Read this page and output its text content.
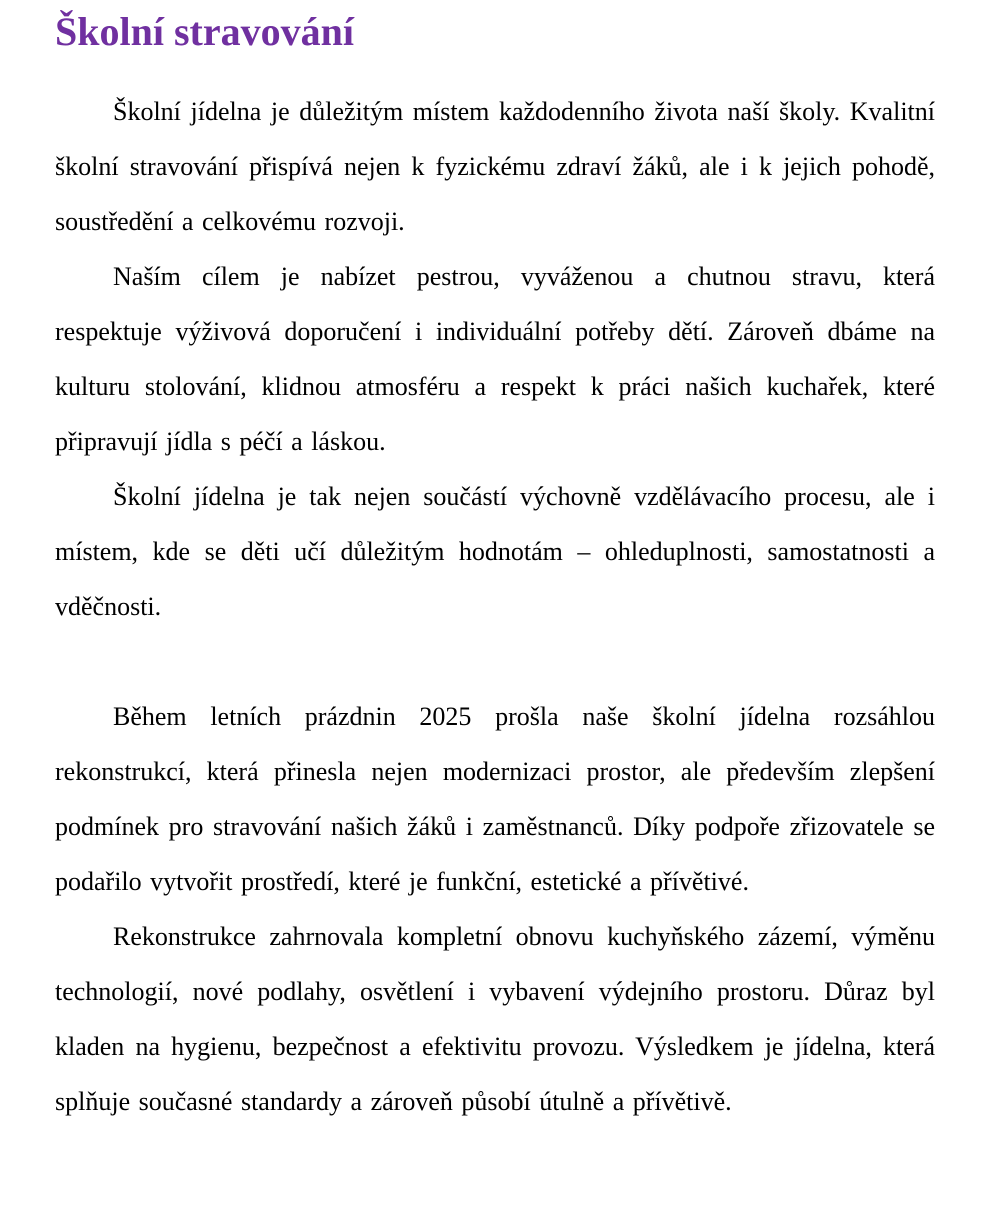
Školní stravování

Školní jídelna je důležitým místem každodenního života naší školy. Kvalitní školní stravování přispívá nejen k fyzickému zdraví žáků, ale i k jejich pohodě, soustředění a celkovému rozvoji.

Naším cílem je nabízet pestrou, vyváženou a chutnou stravu, která respektuje výživová doporučení i individuální potřeby dětí. Zároveň dbáme na kulturu stolování, klidnou atmosféru a respekt k práci našich kuchařek, které připravují jídla s péčí a láskou.

Školní jídelna je tak nejen součástí výchovně vzdělávacího procesu, ale i místem, kde se děti učí důležitým hodnotám – ohleduplnosti, samostatnosti a vděčnosti.

Během letních prázdnin 2025 prošla naše školní jídelna rozsáhlou rekonstrukcí, která přinesla nejen modernizaci prostor, ale především zlepšení podmínek pro stravování našich žáků i zaměstnanců. Díky podpoře zřizovatele se podařilo vytvořit prostředí, které je funkční, estetické a přívětivé.

Rekonstrukce zahrnovala kompletní obnovu kuchyňského zázemí, výměnu technologií, nové podlahy, osvětlení i vybavení výdejního prostoru. Důraz byl kladen na hygienu, bezpečnost a efektivitu provozu. Výsledkem je jídelna, která splňuje současné standardy a zároveň působí útulně a přívětivě.
